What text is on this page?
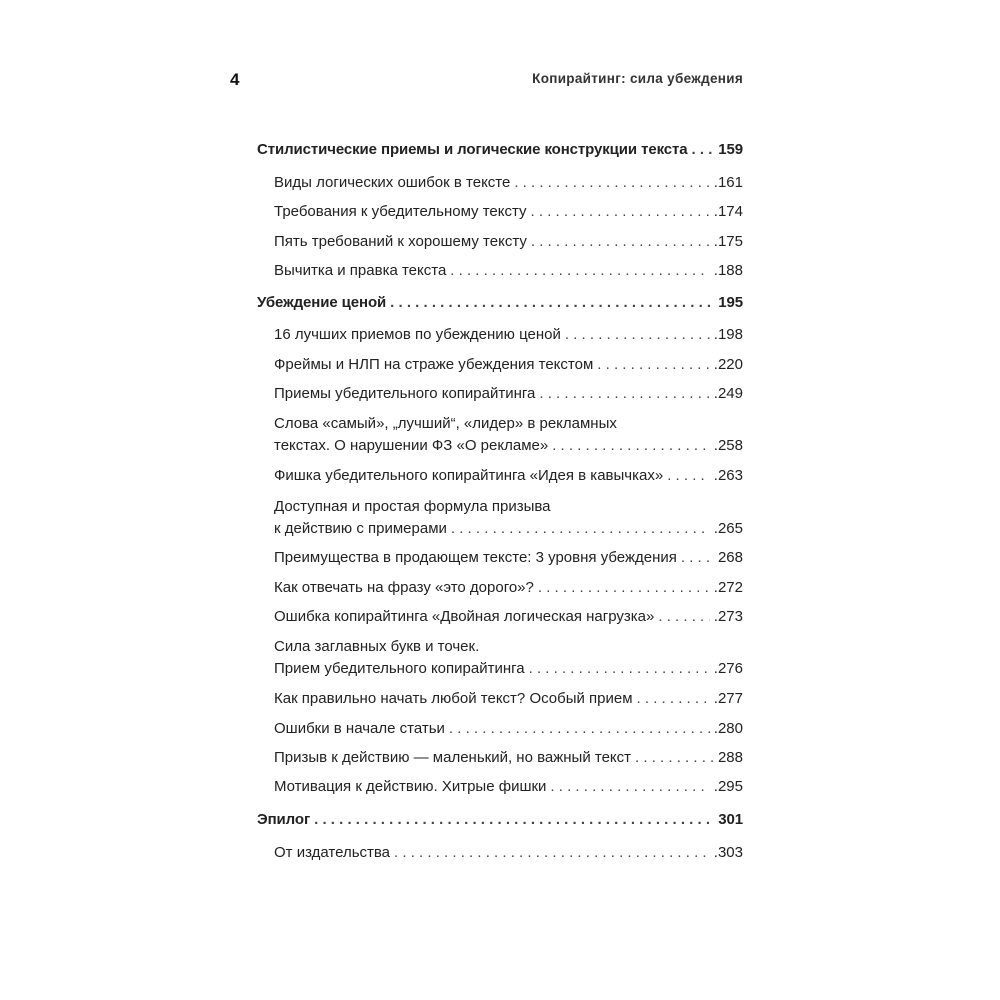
4	Копирайтинг: сила убеждения
Стилистические приемы и логические конструкции текста . . . 159
Виды логических ошибок в тексте . . .	.161
Требования к убедительному тексту . . .	.174
Пять требований к хорошему тексту . . .	.175
Вычитка и правка текста . . .	.188
Убеждение ценой . . .	195
16 лучших приемов по убеждению ценой . . .	.198
Фреймы и НЛП на страже убеждения текстом . . .	.220
Приемы убедительного копирайтинга . . .	.249
Слова «самый», „лучший“, «лидер» в рекламных
текстах. О нарушении ФЗ «О рекламе» . . .	.258
Фишка убедительного копирайтинга «Идея в кавычках» . . .	.263
Доступная и простая формула призыва
к действию с примерами . . .	.265
Преимущества в продающем тексте: 3 уровня убеждения . . .	268
Как отвечать на фразу «это дорого»? . . .	.272
Ошибка копирайтинга «Двойная логическая нагрузка» . . .	.273
Сила заглавных букв и точек.
Прием убедительного копирайтинга . . .	.276
Как правильно начать любой текст? Особый прием . . .	.277
Ошибки в начале статьи . . .	.280
Призыв к действию — маленький, но важный текст . . .	288
Мотивация к действию. Хитрые фишки . . .	.295
Эпилог . . .	301
От издательства . . .	.303
